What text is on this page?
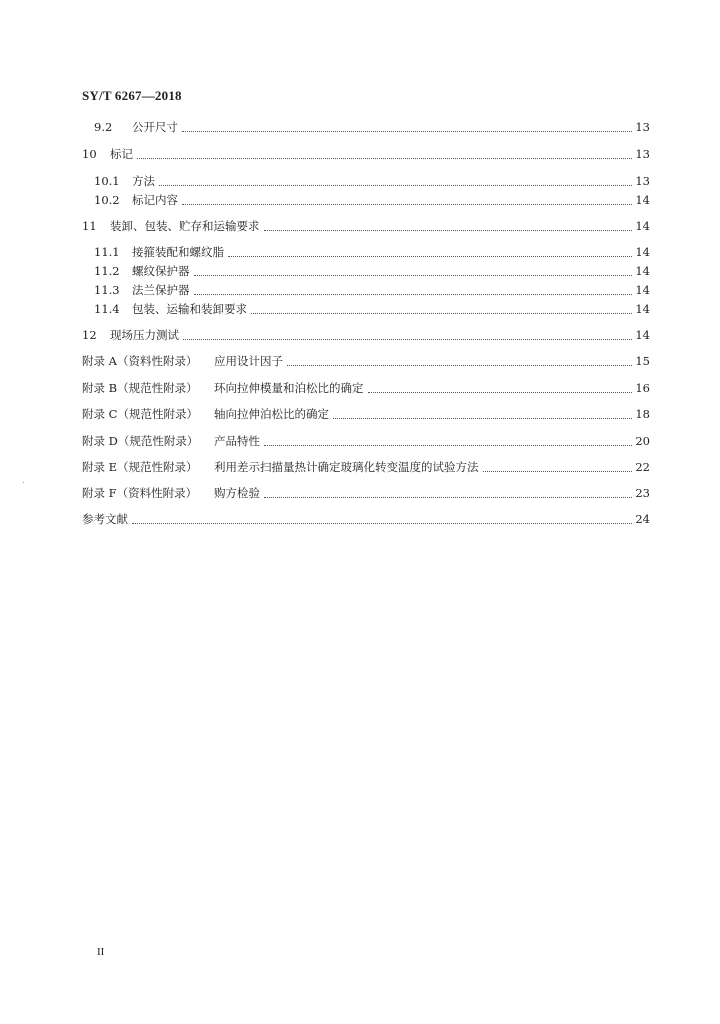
SY/T 6267—2018
9.2	公开尺寸	13
10	标记	13
10.1	方法	13
10.2	标记内容	14
11	装卸、包装、贮存和运输要求	14
11.1	接箍装配和螺纹脂	14
11.2	螺纹保护器	14
11.3	法兰保护器	14
11.4	包装、运输和装卸要求	14
12	现场压力测试	14
附录 A（资料性附录）	应用设计因子	15
附录 B（规范性附录）	环向拉伸模量和泊松比的确定	16
附录 C（规范性附录）	轴向拉伸泊松比的确定	18
附录 D（规范性附录）	产品特性	20
附录 E（规范性附录）	利用差示扫描量热计确定玻璃化转变温度的试验方法	22
附录 F（资料性附录）	购方检验	23
参考文献	24
II
